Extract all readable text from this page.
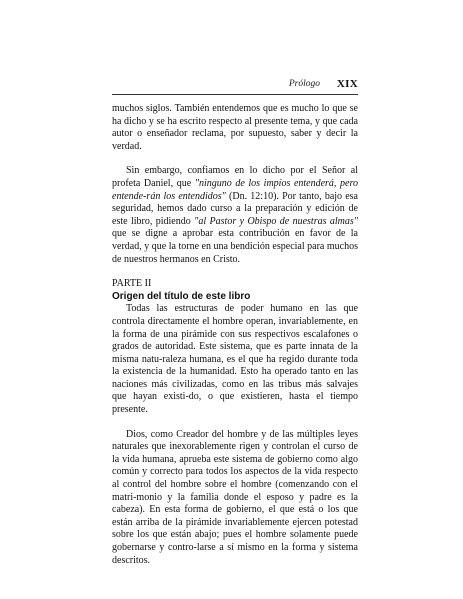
Prólogo XIX

muchos siglos. También entendemos que es mucho lo que se ha dicho y se ha escrito respecto al presente tema, y que cada autor o enseñador reclama, por supuesto, saber y decir la verdad.

Sin embargo, confiamos en lo dicho por el Señor al profeta Daniel, que "ninguno de los impíos entenderá, pero entende-rán los entendidos" (Dn. 12:10). Por tanto, bajo esa seguridad, hemos dado curso a la preparación y edición de este libro, pidiendo "al Pastor y Obispo de nuestras almas" que se digne a aprobar esta contribución en favor de la verdad, y que la torne en una bendición especial para muchos de nuestros hermanos en Cristo.

PARTE II

Origen del título de este libro

Todas las estructuras de poder humano en las que controla directamente el hombre operan, invariablemente, en la forma de una pirámide con sus respectivos escalafones o grados de autoridad. Este sistema, que es parte innata de la misma natu-raleza humana, es el que ha regido durante toda la existencia de la humanidad. Esto ha operado tanto en las naciones más civilizadas, como en las tribus más salvajes que hayan existi-do, o que existieren, hasta el tiempo presente.

Dios, como Creador del hombre y de las múltiples leyes naturales que inexorablemente rigen y controlan el curso de la vida humana, aprueba este sistema de gobierno como algo común y correcto para todos los aspectos de la vida respecto al control del hombre sobre el hombre (comenzando con el matri-monio y la familia donde el esposo y padre es la cabeza). En esta forma de gobierno, el que está o los que están arriba de la pirámide invariablemente ejercen potestad sobre los que están abajo; pues el hombre solamente puede gobernarse y contro-larse a sí mismo en la forma y sistema descritos.
